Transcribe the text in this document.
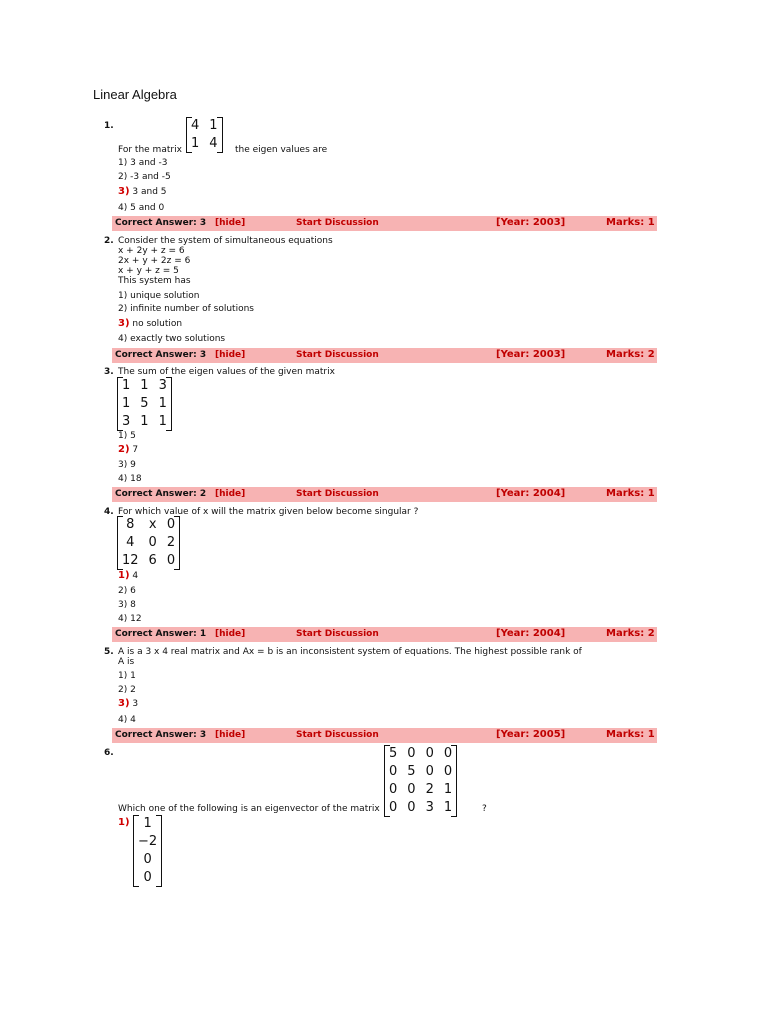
Linear Algebra
1.	4	1
1	4
For the matrix	the eigen values are
1) 3 and -3
2) -3 and -5
3) 3 and 5
4) 5 and 0
Correct Answer: 3 [hide]	Start Discussion	[Year: 2003]	Marks: 1
2. Consider the system of simultaneous equations
x + 2y + z = 6
2x + y + 2z = 6
x + y + z = 5
This system has
1) unique solution
2) infinite number of solutions
3) no solution
4) exactly two solutions
Correct Answer: 3 [hide]	Start Discussion	[Year: 2003]	Marks: 2
3. The sum of the eigen values of the given matrix
1	1	3
1	5	1
3	1	1
1) 5
2) 7
3) 9
4) 18
Correct Answer: 2 [hide]	Start Discussion	[Year: 2004]	Marks: 1
4. For which value of x will the matrix given below become singular ?
8	x	0
4	0	2
12	6	0
1) 4
2) 6
3) 8
4) 12
Correct Answer: 1 [hide]	Start Discussion	[Year: 2004]	Marks: 2
5. A is a 3 x 4 real matrix and Ax = b is an inconsistent system of equations. The highest possible rank of
A is
1) 1
2) 2
3) 3
4) 4
Correct Answer: 3 [hide]	Start Discussion	[Year: 2005]	Marks: 1
6.	5	0	0	0
0	5	0	0
0	0	2	1
0	0	3	1
Which one of the following is an eigenvector of the matrix	?
1) 1
−2
0
0
